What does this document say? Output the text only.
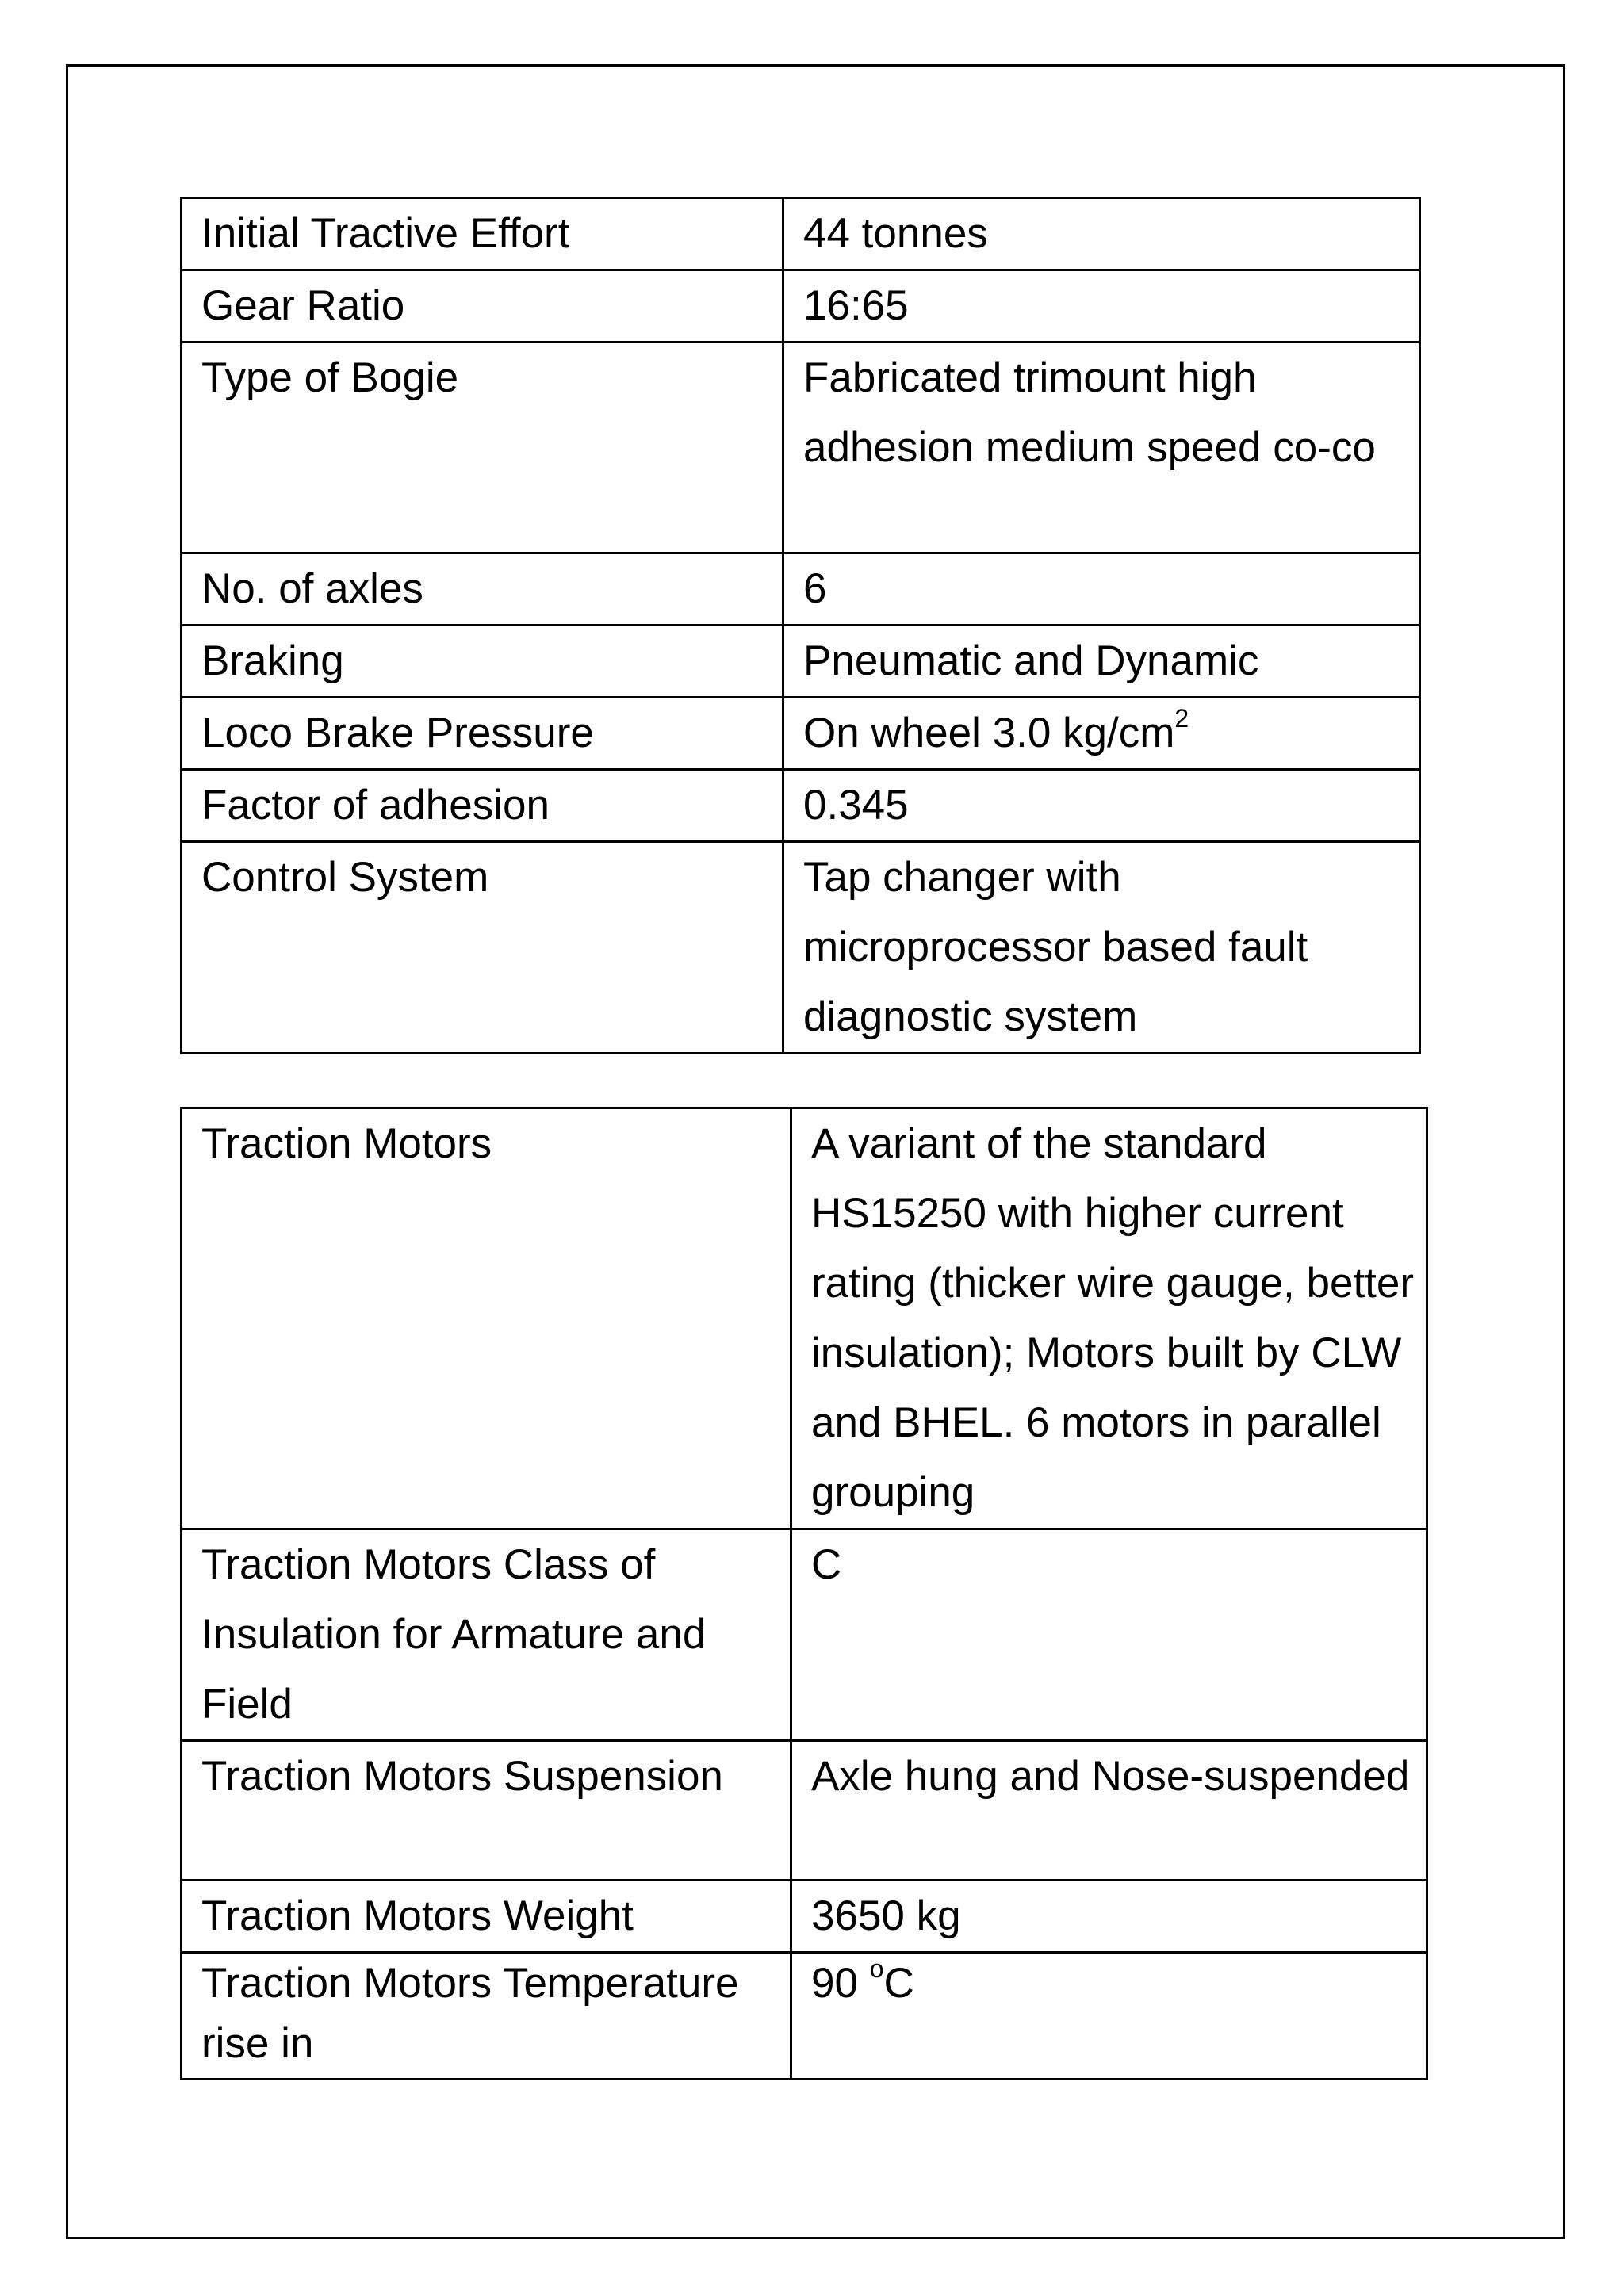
Initial Tractive Effort	44 tonnes
Gear Ratio	16:65
Type of Bogie	Fabricated trimount high adhesion medium speed co-co
No. of axles	6
Braking	Pneumatic and Dynamic
Loco Brake Pressure	On wheel 3.0 $kg/cm^2$
Factor of adhesion	0.345
Control System	Tap changer with microprocessor based fault diagnostic system
Traction Motors	A variant of the standard HS15250 with higher current rating (thicker wire gauge, better insulation); Motors built by CLW and BHEL. 6 motors in parallel grouping
Traction Motors Class of Insulation for Armature and Field	C
Traction Motors Suspension	Axle hung and Nose-suspended
Traction Motors Weight	3650 kg
Traction Motors Temperature rise in	90 $^o$C
